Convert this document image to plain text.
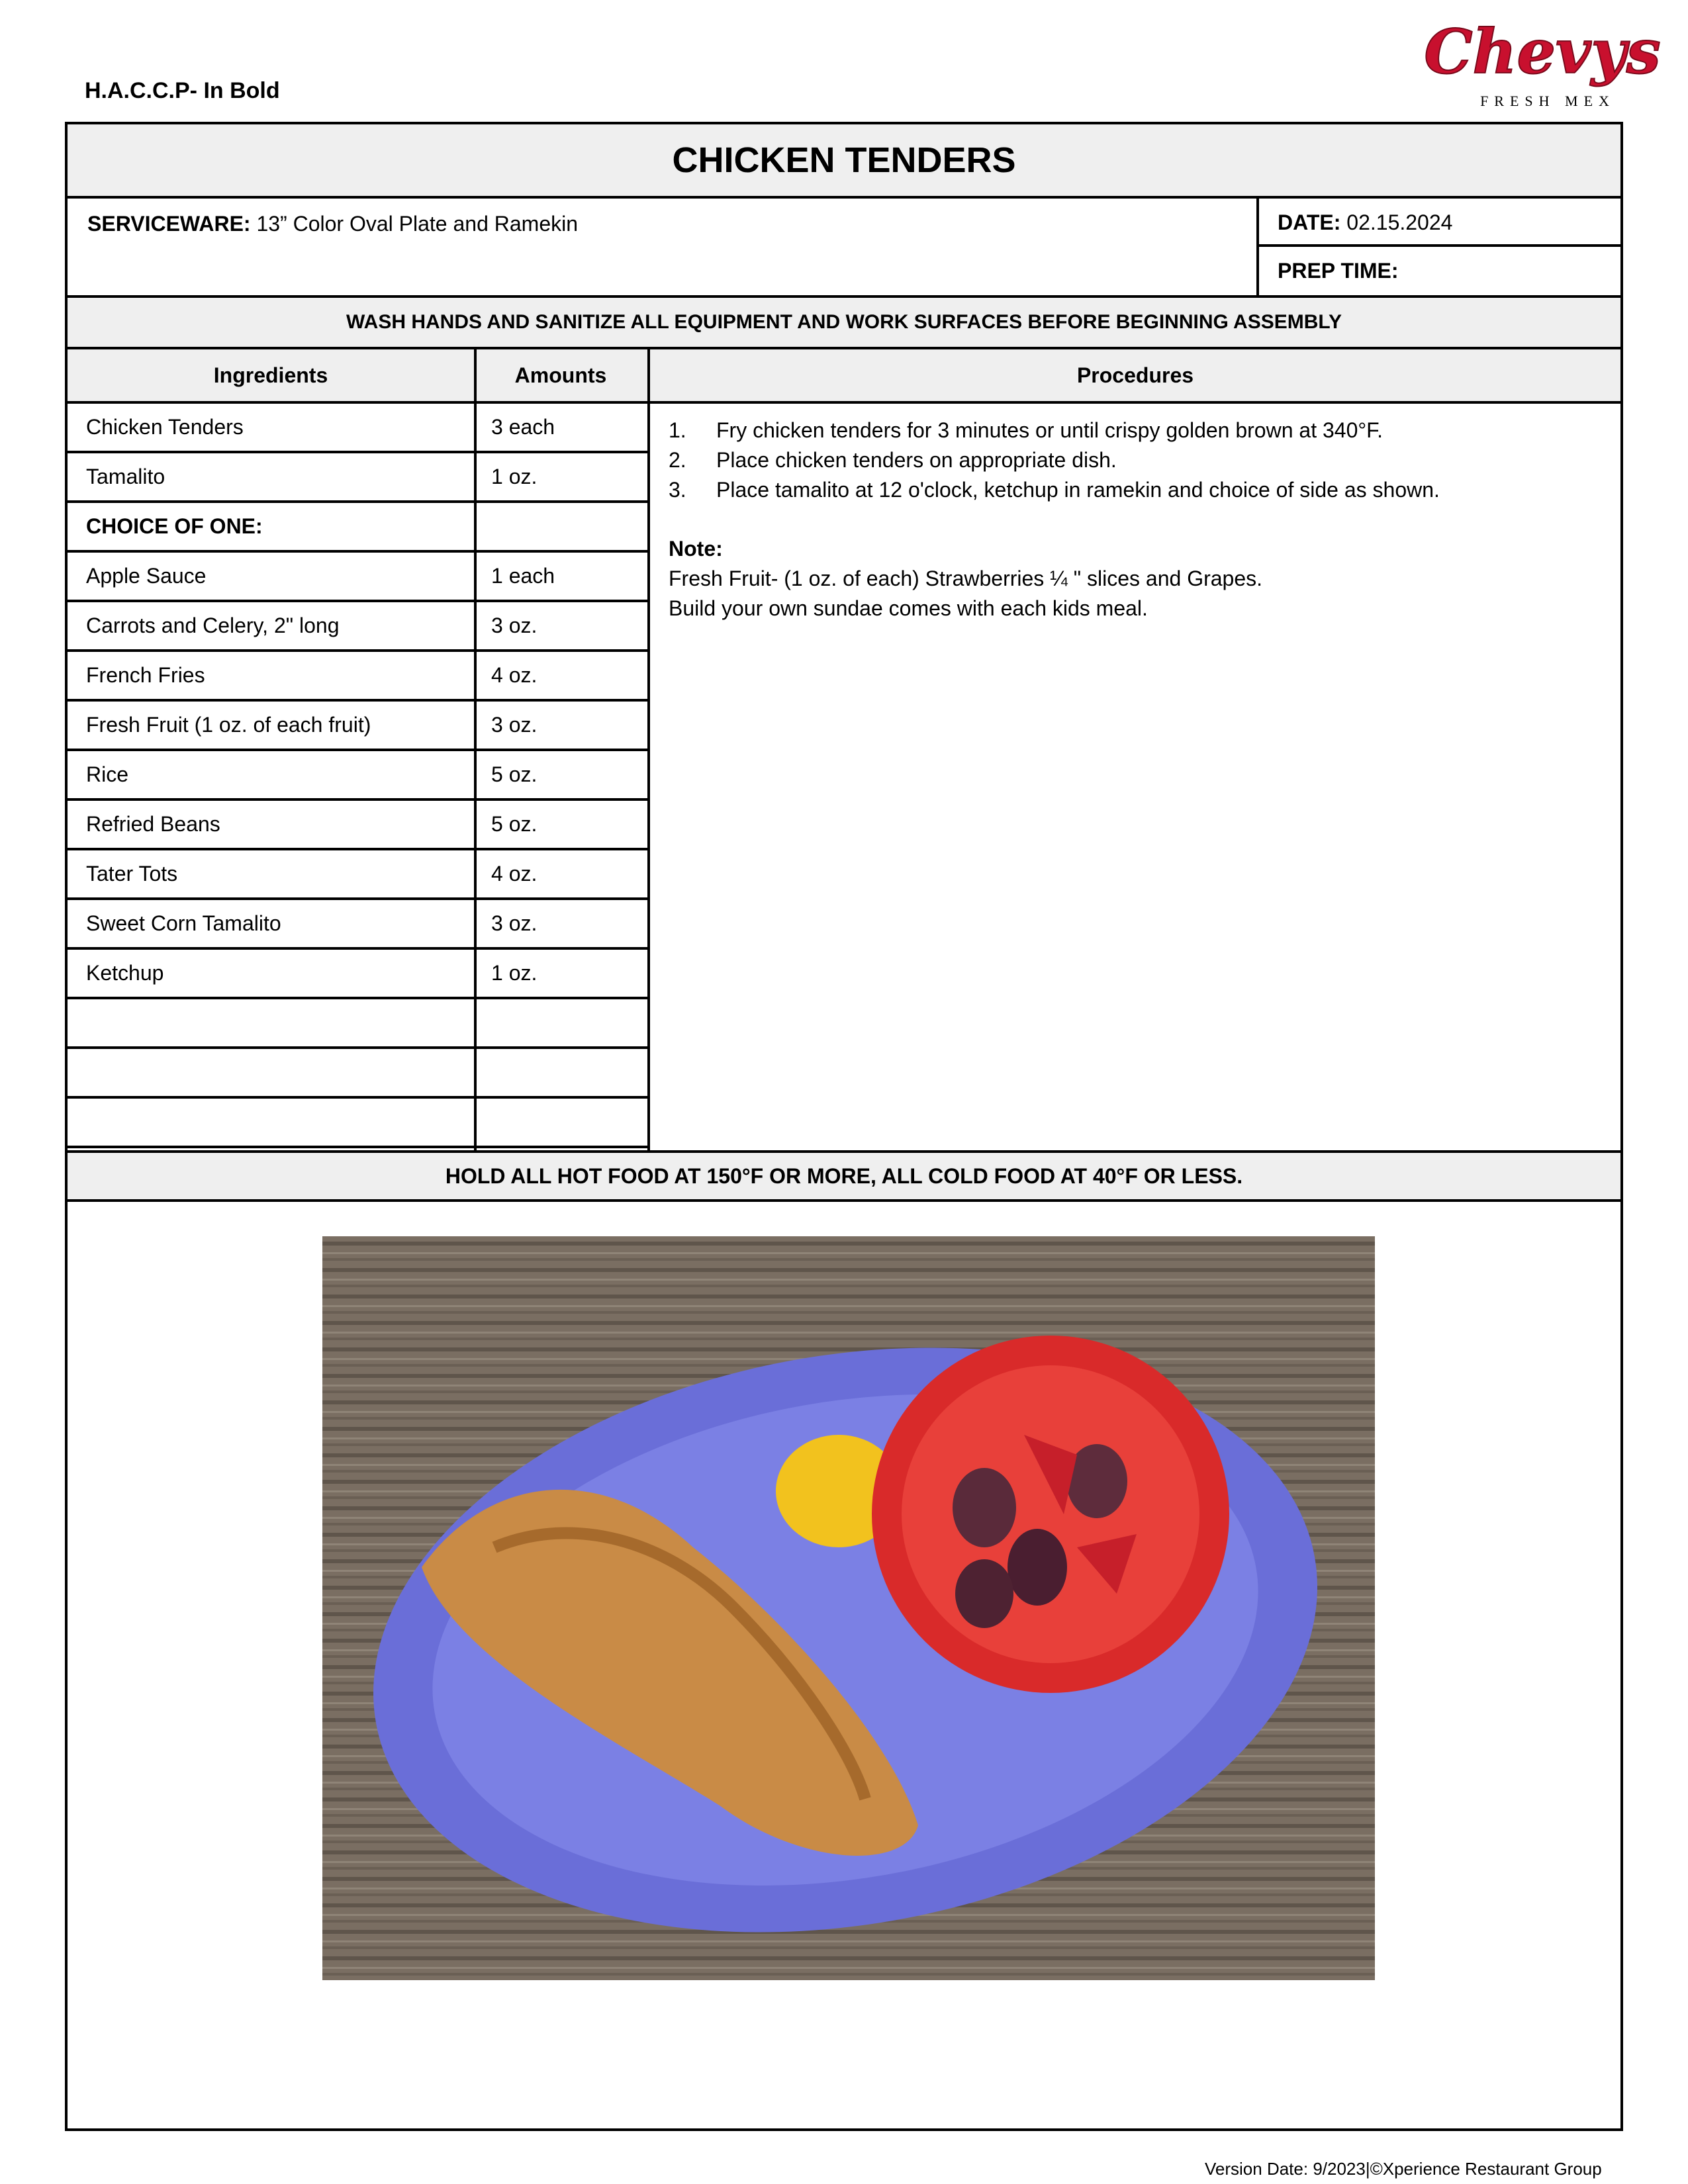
H.A.C.C.P- In Bold
Chevys
FRESH MEX
CHICKEN TENDERS
SERVICEWARE: 13” Color Oval Plate and Ramekin	DATE: 02.15.2024
PREP TIME:
WASH HANDS AND SANITIZE ALL EQUIPMENT AND WORK SURFACES BEFORE BEGINNING ASSEMBLY
Ingredients	Amounts	Procedures
Chicken Tenders	3 each
Tamalito	1 oz.
CHOICE OF ONE:
Apple Sauce	1 each
Carrots and Celery, 2" long	3 oz.
French Fries	4 oz.
Fresh Fruit (1 oz. of each fruit)	3 oz.
Rice	5 oz.
Refried Beans	5 oz.
Tater Tots	4 oz.
Sweet Corn Tamalito	3 oz.
Ketchup	1 oz.
1.	Fry chicken tenders for 3 minutes or until crispy golden brown at 340°F.
2.	Place chicken tenders on appropriate dish.
3.	Place tamalito at 12 o'clock, ketchup in ramekin and choice of side as shown.
Note:
Fresh Fruit- (1 oz. of each) Strawberries ¼ " slices and Grapes.
Build your own sundae comes with each kids meal.
HOLD ALL HOT FOOD AT 150°F OR MORE, ALL COLD FOOD AT 40°F OR LESS.
Version Date: 9/2023|©Xperience Restaurant Group
